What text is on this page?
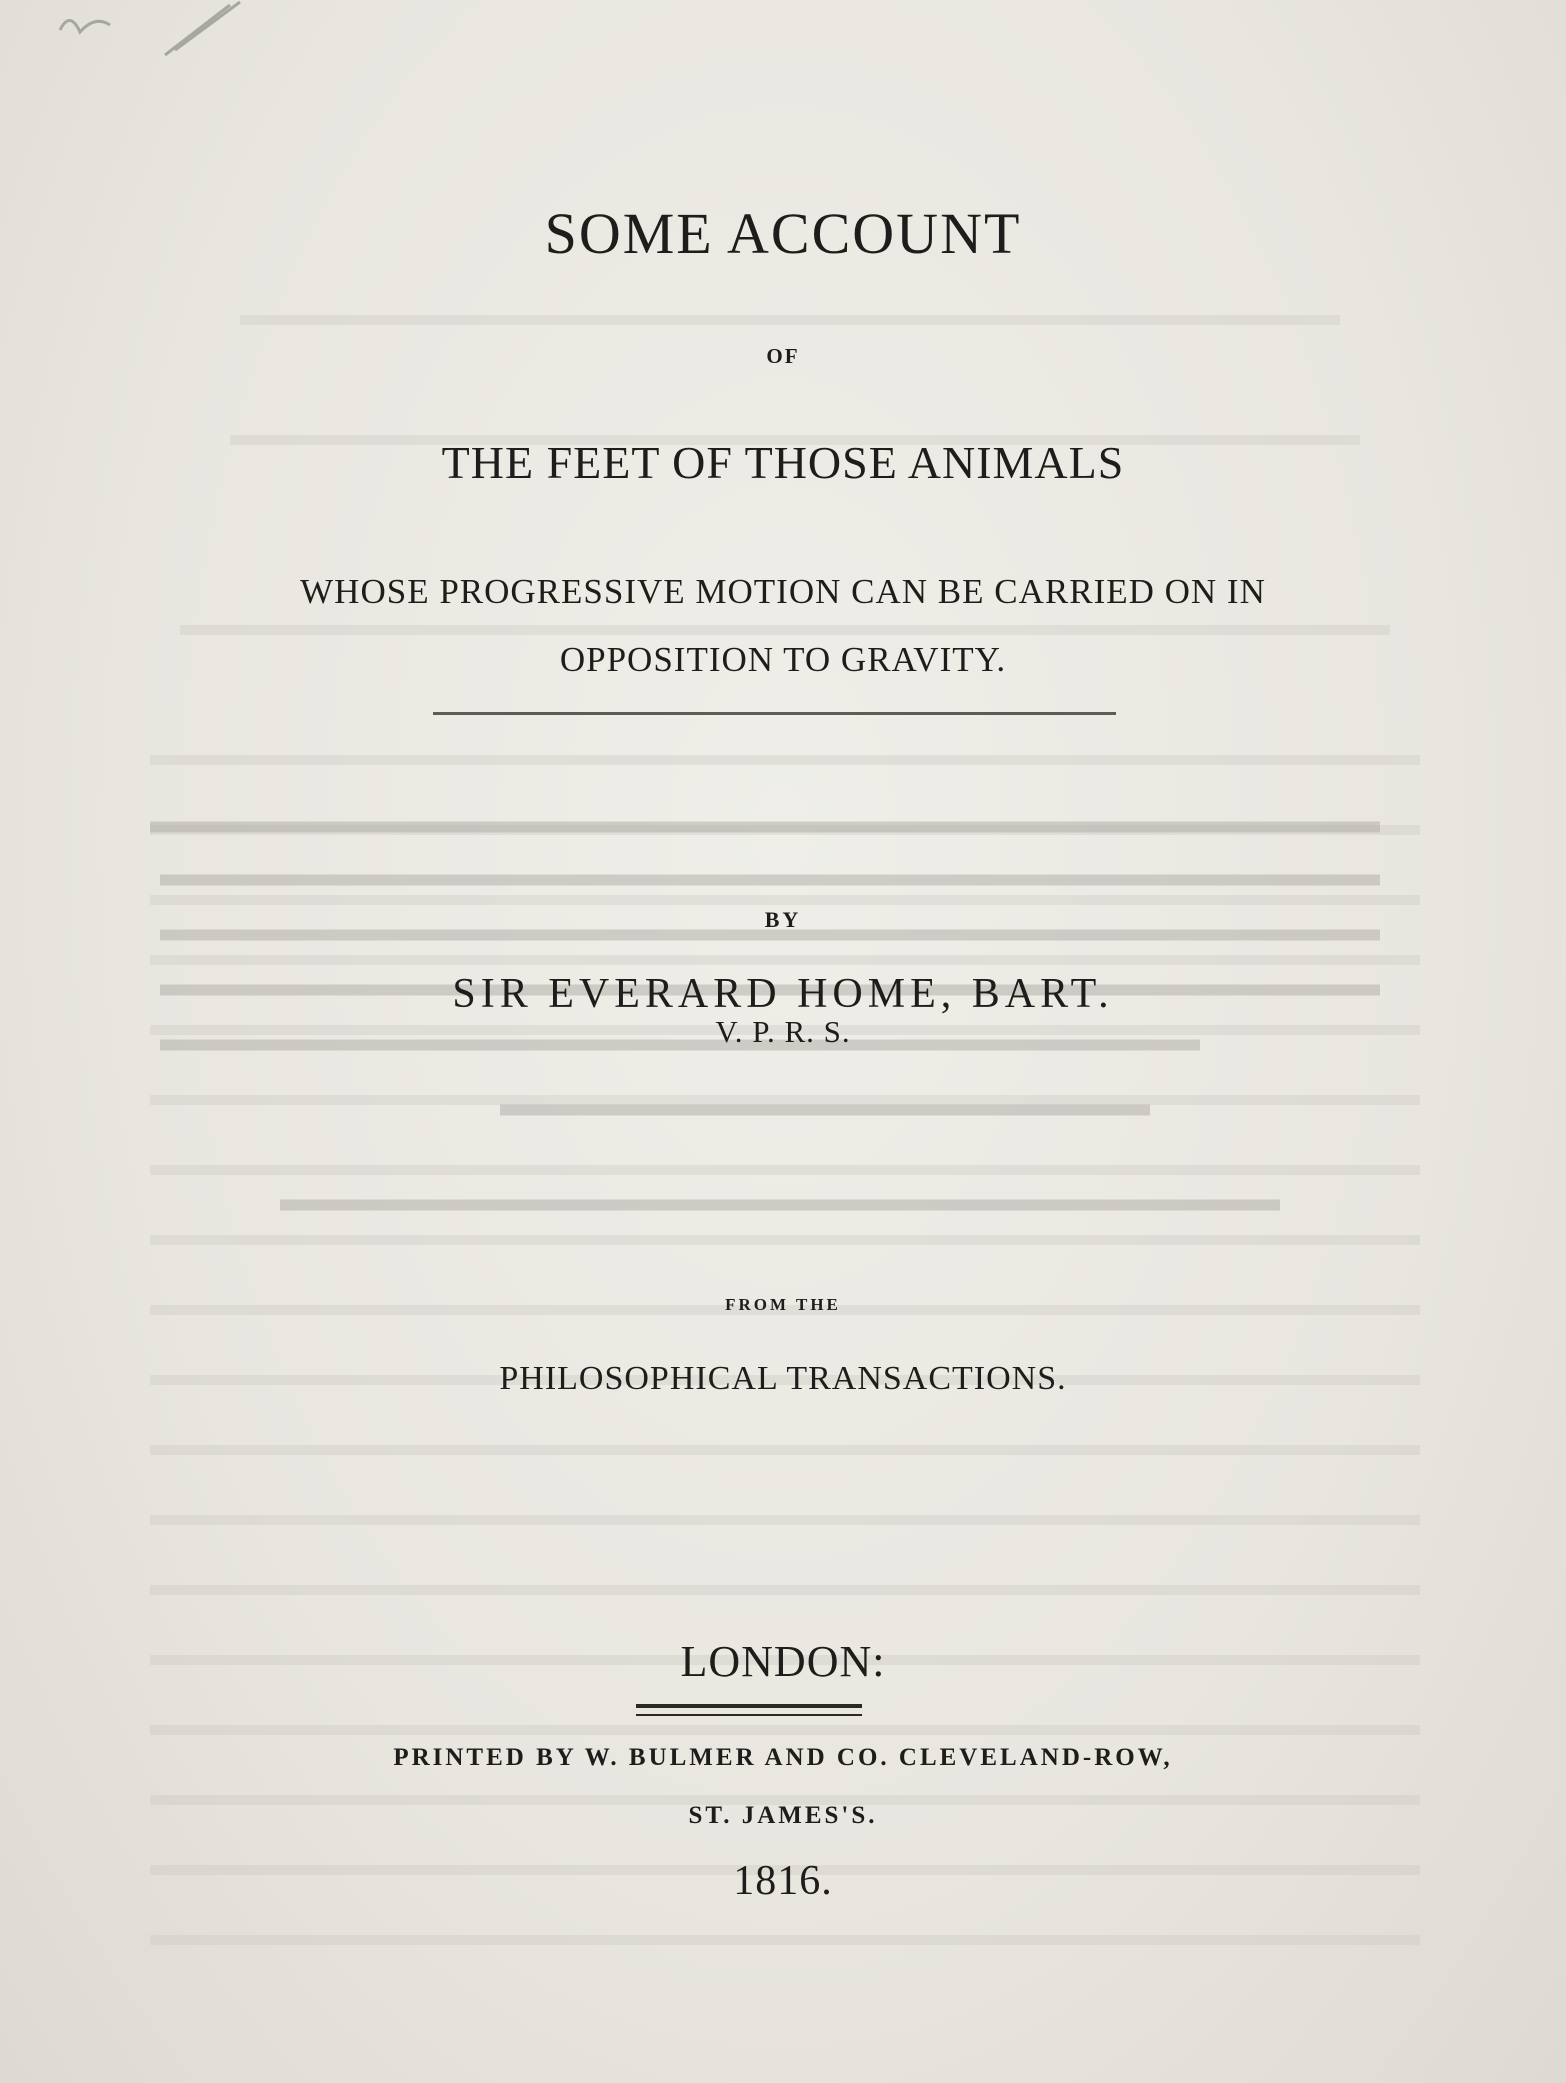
SOME ACCOUNT
OF
THE FEET OF THOSE ANIMALS
WHOSE PROGRESSIVE MOTION CAN BE CARRIED ON IN
OPPOSITION TO GRAVITY.
BY
SIR EVERARD HOME, BART.
V. P. R. S.
FROM THE
PHILOSOPHICAL TRANSACTIONS.
LONDON:
PRINTED BY W. BULMER AND CO. CLEVELAND-ROW,
ST. JAMES'S.
1816.
